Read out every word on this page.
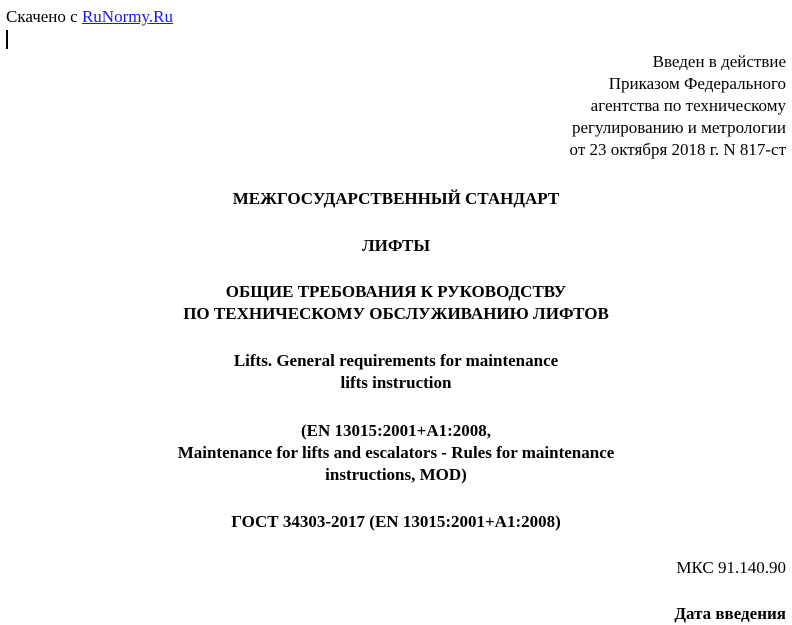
Скачено с RuNormy.Ru
Введен в действие
Приказом Федерального
агентства по техническому
регулированию и метрологии
от 23 октября 2018 г. N 817-ст
МЕЖГОСУДАРСТВЕННЫЙ СТАНДАРТ
ЛИФТЫ
ОБЩИЕ ТРЕБОВАНИЯ К РУКОВОДСТВУ
ПО ТЕХНИЧЕСКОМУ ОБСЛУЖИВАНИЮ ЛИФТОВ
Lifts. General requirements for maintenance
lifts instruction
(EN 13015:2001+A1:2008,
Maintenance for lifts and escalators - Rules for maintenance
instructions, MOD)
ГОСТ 34303-2017 (EN 13015:2001+A1:2008)
МКС 91.140.90
Дата введения
